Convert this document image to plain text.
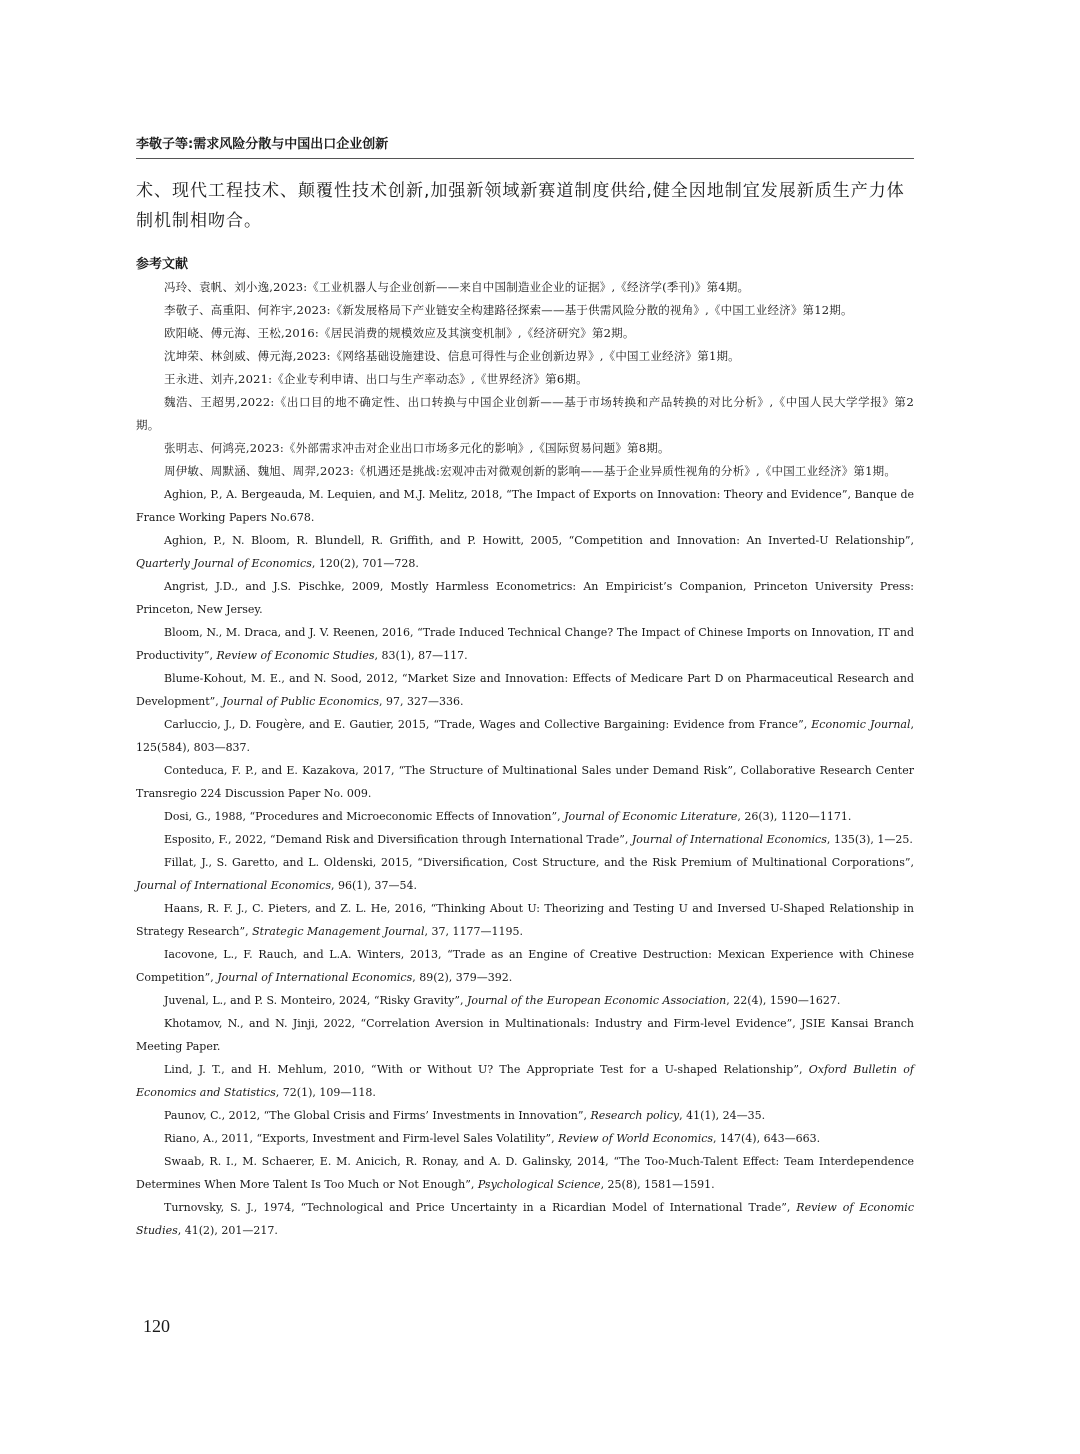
李敬子等:需求风险分散与中国出口企业创新
术、现代工程技术、颠覆性技术创新,加强新领域新赛道制度供给,健全因地制宜发展新质生产力体制机制相吻合。
参考文献

冯玲、袁帆、刘小逸,2023:《工业机器人与企业创新——来自中国制造业企业的证据》,《经济学(季刊)》第4期。

李敬子、高重阳、何祚宇,2023:《新发展格局下产业链安全构建路径探索——基于供需风险分散的视角》,《中国工业经济》第12期。

欧阳峣、傅元海、王松,2016:《居民消费的规模效应及其演变机制》,《经济研究》第2期。

沈坤荣、林剑威、傅元海,2023:《网络基础设施建设、信息可得性与企业创新边界》,《中国工业经济》第1期。

王永进、刘卉,2021:《企业专利申请、出口与生产率动态》,《世界经济》第6期。

魏浩、王超男,2022:《出口目的地不确定性、出口转换与中国企业创新——基于市场转换和产品转换的对比分析》,《中国人民大学学报》第2期。

张明志、何鸿亮,2023:《外部需求冲击对企业出口市场多元化的影响》,《国际贸易问题》第8期。

周伊敏、周默涵、魏旭、周羿,2023:《机遇还是挑战:宏观冲击对微观创新的影响——基于企业异质性视角的分析》,《中国工业经济》第1期。

Aghion, P., A. Bergeauda, M. Lequien, and M.J. Melitz, 2018, “The Impact of Exports on Innovation: Theory and Evidence”, Banque de France Working Papers No.678.

Aghion, P., N. Bloom, R. Blundell, R. Griffith, and P. Howitt, 2005, “Competition and Innovation: An Inverted-U Relationship”, Quarterly Journal of Economics, 120(2), 701—728.

Angrist, J.D., and J.S. Pischke, 2009, Mostly Harmless Econometrics: An Empiricist’s Companion, Princeton University Press: Princeton, New Jersey.

Bloom, N., M. Draca, and J. V. Reenen, 2016, “Trade Induced Technical Change? The Impact of Chinese Imports on Innovation, IT and Productivity”, Review of Economic Studies, 83(1), 87—117.

Blume-Kohout, M. E., and N. Sood, 2012, “Market Size and Innovation: Effects of Medicare Part D on Pharmaceutical Research and Development”, Journal of Public Economics, 97, 327—336.

Carluccio, J., D. Fougère, and E. Gautier, 2015, “Trade, Wages and Collective Bargaining: Evidence from France”, Economic Journal, 125(584), 803—837.

Conteduca, F. P., and E. Kazakova, 2017, “The Structure of Multinational Sales under Demand Risk”, Collaborative Research Center Transregio 224 Discussion Paper No. 009.

Dosi, G., 1988, “Procedures and Microeconomic Effects of Innovation”, Journal of Economic Literature, 26(3), 1120—1171.

Esposito, F., 2022, “Demand Risk and Diversification through International Trade”, Journal of International Economics, 135(3), 1—25.

Fillat, J., S. Garetto, and L. Oldenski, 2015, “Diversification, Cost Structure, and the Risk Premium of Multinational Corporations”, Journal of International Economics, 96(1), 37—54.

Haans, R. F. J., C. Pieters, and Z. L. He, 2016, “Thinking About U: Theorizing and Testing U and Inversed U-Shaped Relationship in Strategy Research”, Strategic Management Journal, 37, 1177—1195.

Iacovone, L., F. Rauch, and L.A. Winters, 2013, “Trade as an Engine of Creative Destruction: Mexican Experience with Chinese Competition”, Journal of International Economics, 89(2), 379—392.

Juvenal, L., and P. S. Monteiro, 2024, “Risky Gravity”, Journal of the European Economic Association, 22(4), 1590—1627.

Khotamov, N., and N. Jinji, 2022, “Correlation Aversion in Multinationals: Industry and Firm-level Evidence”, JSIE Kansai Branch Meeting Paper.

Lind, J. T., and H. Mehlum, 2010, “With or Without U? The Appropriate Test for a U-shaped Relationship”, Oxford Bulletin of Economics and Statistics, 72(1), 109—118.

Paunov, C., 2012, “The Global Crisis and Firms’ Investments in Innovation”, Research policy, 41(1), 24—35.

Riano, A., 2011, “Exports, Investment and Firm-level Sales Volatility”, Review of World Economics, 147(4), 643—663.

Swaab, R. I., M. Schaerer, E. M. Anicich, R. Ronay, and A. D. Galinsky, 2014, “The Too-Much-Talent Effect: Team Interdependence Determines When More Talent Is Too Much or Not Enough”, Psychological Science, 25(8), 1581—1591.

Turnovsky, S. J., 1974, “Technological and Price Uncertainty in a Ricardian Model of International Trade”, Review of Economic Studies, 41(2), 201—217.

120
